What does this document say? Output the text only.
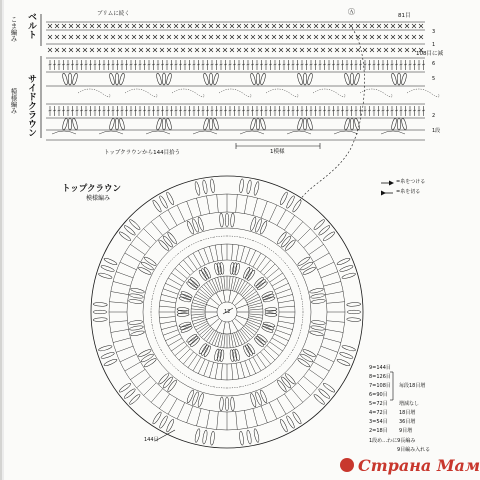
ベルト
こま編み
サイドクラウン
模様編み
ブリムに続く	Ⓐ	81目
108目に減
3
1
6
5
2
1段
トップクラウンから144目拾う	1模様
トップクラウン
模様編み
12
=糸をつける
=糸を切る
9=144目
8=126目
7=108目
6=90目
5=72目
4=72目
3=54目
2=18目
毎段18目増
増減なし
18目増
36目増
9目増
1段め…わに9長編み
9目編み入れる
144目
Страна Мам
